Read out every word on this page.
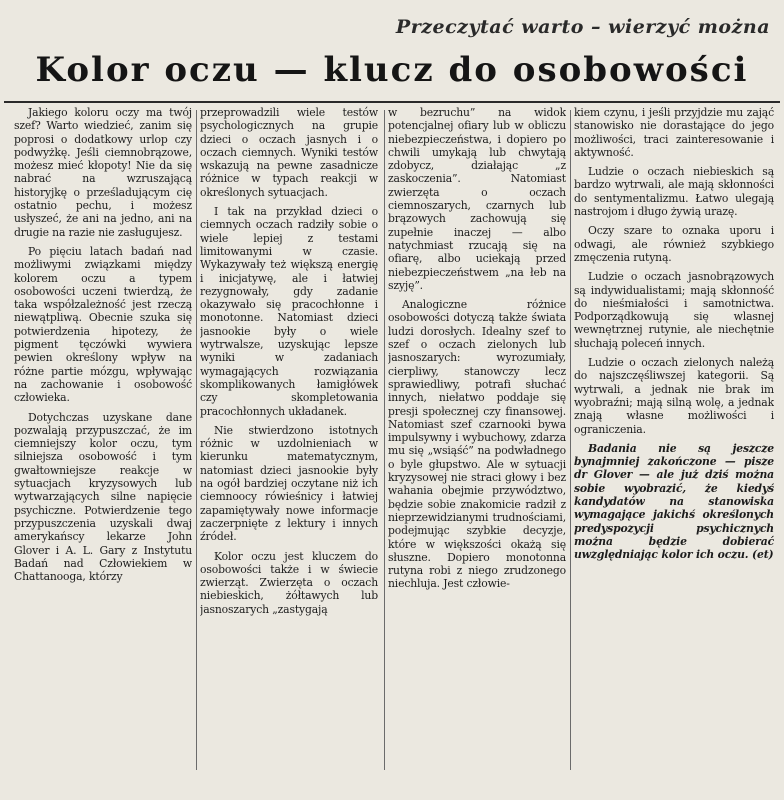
Przeczytać warto – wierzyć można
Kolor oczu — klucz do osobowości

Jakiego koloru oczy ma twój szef? Warto wiedzieć, zanim się poprosi o dodatkowy urlop czy podwyżkę. Jeśli ciemnobrązowe, możesz mieć kłopoty! Nie da się nabrać na wzruszającą historyjkę o prześladującym cię ostatnio pechu, i możesz usłyszeć, że ani na jedno, ani na drugie na razie nie zasługujesz.

Po pięciu latach badań nad możliwymi związkami między kolorem oczu a typem osobowości uczeni twierdzą, że taka współzależność jest rzeczą niewątpliwą. Obecnie szuka się potwierdzenia hipotezy, że pigment tęczówki wywiera pewien określony wpływ na różne partie mózgu, wpływając na zachowanie i osobowość człowieka.

Dotychczas uzyskane dane pozwalają przypuszczać, że im ciemniejszy kolor oczu, tym silniejsza osobowość i tym gwałtowniejsze reakcje w sytuacjach kryzysowych lub wytwarzających silne napięcie psychiczne. Potwierdzenie tego przypuszczenia uzyskali dwaj amerykańscy lekarze John Glover i A. L. Gary z Instytutu Badań nad Człowiekiem w Chattanooga, którzy

przeprowadzili wiele testów psychologicznych na grupie dzieci o oczach jasnych i o oczach ciemnych. Wyniki testów wskazują na pewne zasadnicze różnice w typach reakcji w określonych sytuacjach.

I tak na przykład dzieci o ciemnych oczach radziły sobie o wiele lepiej z testami limitowanymi w czasie. Wykazywały też większą energię i inicjatywę, ale i łatwiej rezygnowały, gdy zadanie okazywało się pracochłonne i monotonne. Natomiast dzieci jasnookie były o wiele wytrwalsze, uzyskując lepsze wyniki w zadaniach wymagających rozwiązania skomplikowanych łamigłówek czy skompletowania pracochłonnych układanek.

Nie stwierdzono istotnych różnic w uzdolnieniach w kierunku matematycznym, natomiast dzieci jasnookie były na ogół bardziej oczytane niż ich ciemnoocy rówieśnicy i łatwiej zapamiętywały nowe informacje zaczerpnięte z lektury i innych źródeł.

Kolor oczu jest kluczem do osobowości także i w świecie zwierząt. Zwierzęta o oczach niebieskich, żółtawych lub jasnoszarych „zastygają

w bezruchu” na widok potencjalnej ofiary lub w obliczu niebezpieczeństwa, i dopiero po chwili umykają lub chwytają zdobycz, działając „z zaskoczenia”. Natomiast zwierzęta o oczach ciemnoszarych, czarnych lub brązowych zachowują się zupełnie inaczej — albo natychmiast rzucają się na ofiarę, albo uciekają przed niebezpieczeństwem „na łeb na szyję”.

Analogiczne różnice osobowości dotyczą także świata ludzi dorosłych. Idealny szef to szef o oczach zielonych lub jasnoszarych: wyrozumiały, cierpliwy, stanowczy lecz sprawiedliwy, potrafi słuchać innych, niełatwo poddaje się presji społecznej czy finansowej. Natomiast szef czarnooki bywa impulsywny i wybuchowy, zdarza mu się „wsiąść” na podwładnego o byle głupstwo. Ale w sytuacji kryzysowej nie straci głowy i bez wahania obejmie przywództwo, będzie sobie znakomicie radził z nieprzewidzianymi trudnościami, podejmując szybkie decyzje, które w większości okażą się słuszne. Dopiero monotonna rutyna robi z niego zrudzonego niechluja. Jest człowie-

kiem czynu, i jeśli przyjdzie mu zająć stanowisko nie dorastające do jego możliwości, traci zainteresowanie i aktywność.

Ludzie o oczach niebieskich są bardzo wytrwali, ale mają skłonności do sentymentalizmu. Łatwo ulegają nastrojom i długo żywią urazę.

Oczy szare to oznaka uporu i odwagi, ale również szybkiego zmęczenia rutyną.

Ludzie o oczach jasnobrązowych są indywidualistami; mają skłonność do nieśmiałości i samotnictwa. Podporządkowują się wlasnej wewnętrznej rutynie, ale niechętnie słuchają poleceń innych.

Ludzie o oczach zielonych należą do najszczęśliwszej kategorii. Są wytrwali, a jednak nie brak im wyobraźni; mają silną wolę, a jednak znają własne możliwości i ograniczenia.

Badania nie są jeszcze bynajmniej zakończone — pisze dr Glover — ale już dziś można sobie wyobrazić, że kiedyś kandydatów na stanowiska wymagające jakichś określonych predyspozycji psychicznych można będzie dobierać uwzględniając kolor ich oczu. (et)
